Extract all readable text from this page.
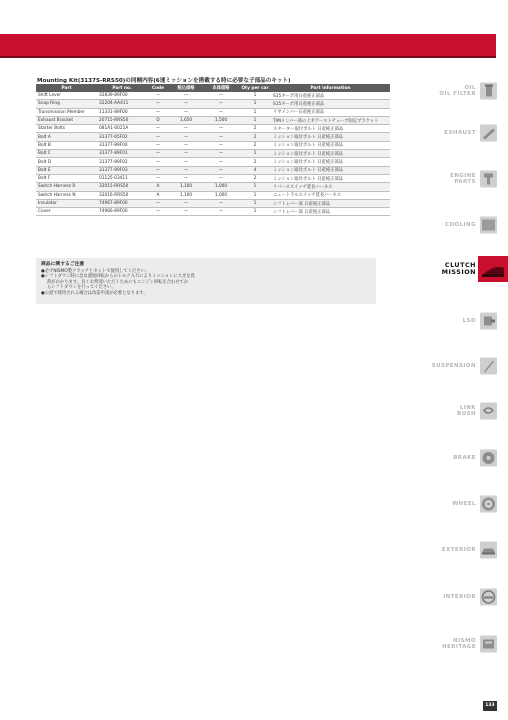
Mounting Kit(3137S-RRS50)の同梱内容(6速ミッションを搭載する時に必要な子部品のキット)
Part	Part no.	Code	税込価格	本体価格	Qty per car	Part information
Shift Lever	32839-89F00	—	—	—	1	S15ターボ用日産純正部品
Snap Ring	32204-AA411	—	—	—	1	S15ターボ用日産純正部品
Transmission Member	11331-89F00	—	—	—	1	リヤメンバー日産純正部品
Exhaust Bracket	20715-RRS50	D	1,650	1,500	1	T/Mメンバー部の上ギアーストチューブ固定ブラケット
Starter Bolts	081A1-0021A	—	—	—	2	スターター取付ボルト 日産純正部品
Bolt A	31377-65F02	—	—	—	2	ミッション取付ボルト 日産純正部品
Bolt B	31377-89F00	—	—	—	2	ミッション取付ボルト 日産純正部品
Bolt C	31377-89F01	—	—	—	1	ミッション取付ボルト 日産純正部品
Bolt D	31377-89F02	—	—	—	2	ミッション取付ボルト 日産純正部品
Bolt E	31377-89F03	—	—	—	4	ミッション取付ボルト 日産純正部品
Bolt F	01125-03411	—	—	—	2	ミッション取付ボルト 日産純正部品
Switch Harness R	32015-RRS50	A	1,100	1,000	1	リバーススイッチ延長ハーネス
Switch Harness N	32016-RRS50	A	1,100	1,000	1	ニュートラルスイッチ延長ハーネス
Insulator	74967-89F00	—	—	—	1	シフトレバー部 日産純正部品
Cover	74966-89F00	—	—	—	1	シフトレバー部 日産純正部品
商品に関するご注意

●必ずNISMO製クラッチとセットで使用してください。

●シフトダウン時に急な過度回転からのトルク入力によりミッションに大きな負

荷がかかります。良くお判別いただくためにもエンジン回転を合わせてか

らシフトダウンを行ってください。

●公道で使用される場合は改造申請が必要となります。

OIL
OIL FILTER
EXHAUST
ENGINE
PARTS
COOLING
CLUTCH
MISSION
LSD
SUSPENSION
LINK
BUSH
BRAKE
WHEEL
EXTERIOR
INTERIOR
NISMO
HERITAGE
133
